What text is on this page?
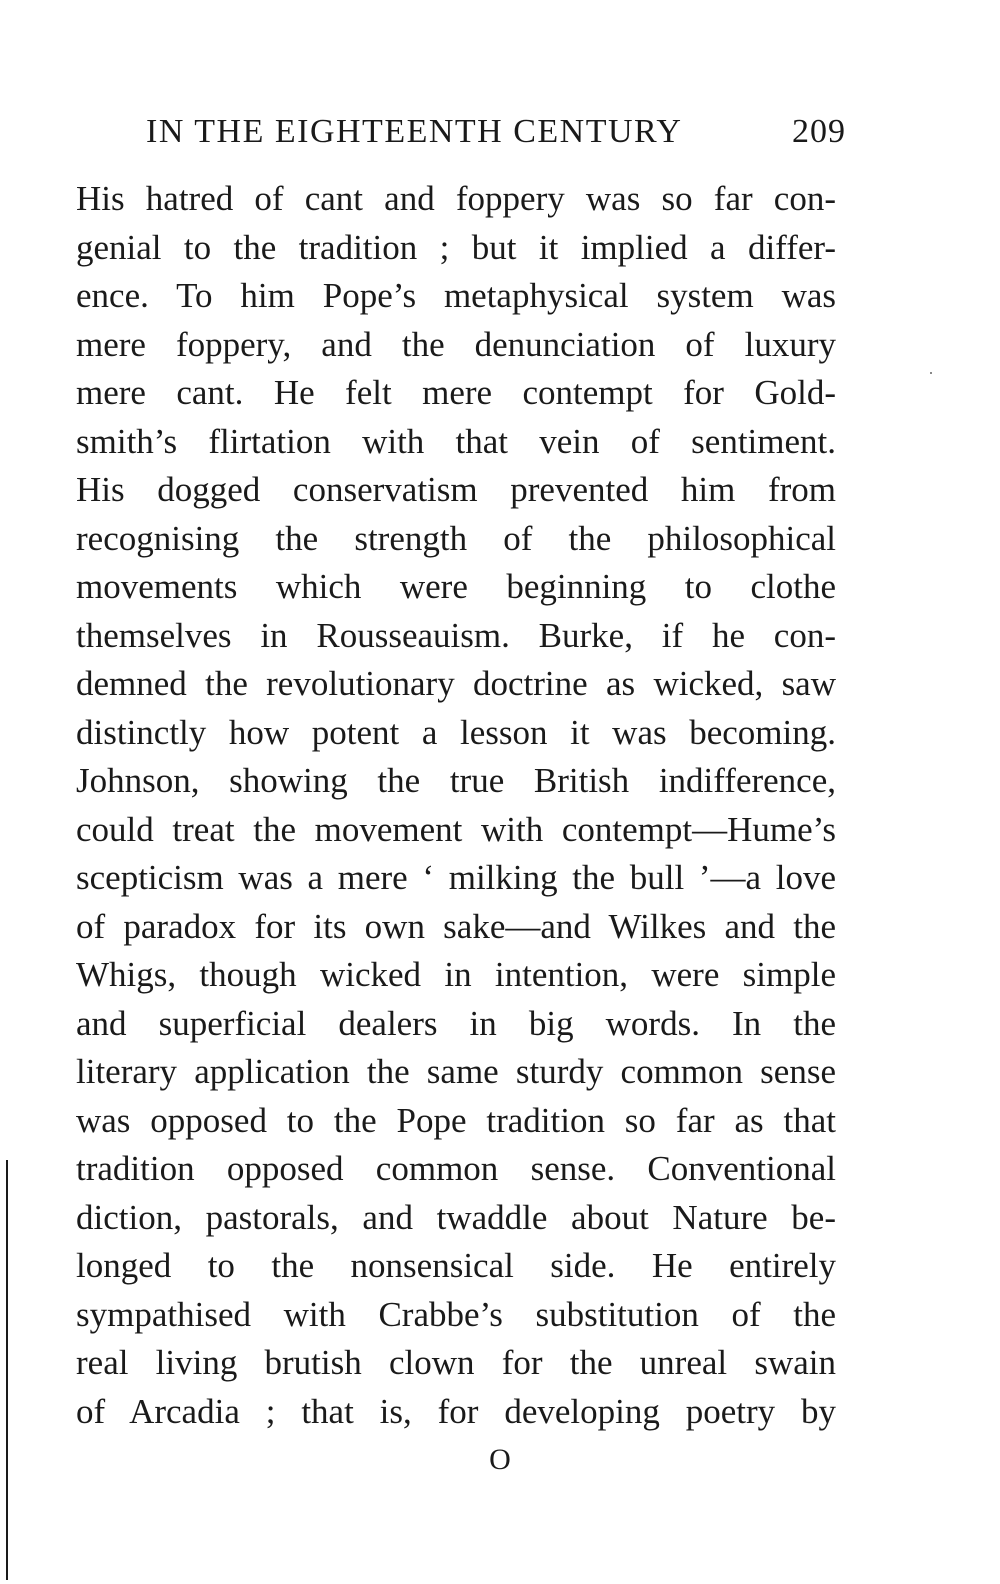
IN THE EIGHTEENTH CENTURY	209
His hatred of cant and foppery was so far con-
genial to the tradition ; but it implied a differ-
ence. To him Pope’s metaphysical system was
mere foppery, and the denunciation of luxury
mere cant. He felt mere contempt for Gold-
smith’s flirtation with that vein of sentiment.
His dogged conservatism prevented him from
recognising the strength of the philosophical
movements which were beginning to clothe
themselves in Rousseauism. Burke, if he con-
demned the revolutionary doctrine as wicked, saw
distinctly how potent a lesson it was becoming.
Johnson, showing the true British indifference,
could treat the movement with contempt—Hume’s
scepticism was a mere ‘ milking the bull ’—a love
of paradox for its own sake—and Wilkes and the
Whigs, though wicked in intention, were simple
and superficial dealers in big words. In the
literary application the same sturdy common sense
was opposed to the Pope tradition so far as that
tradition opposed common sense. Conventional
diction, pastorals, and twaddle about Nature be-
longed to the nonsensical side. He entirely
sympathised with Crabbe’s substitution of the
real living brutish clown for the unreal swain
of Arcadia ; that is, for developing poetry by
O
